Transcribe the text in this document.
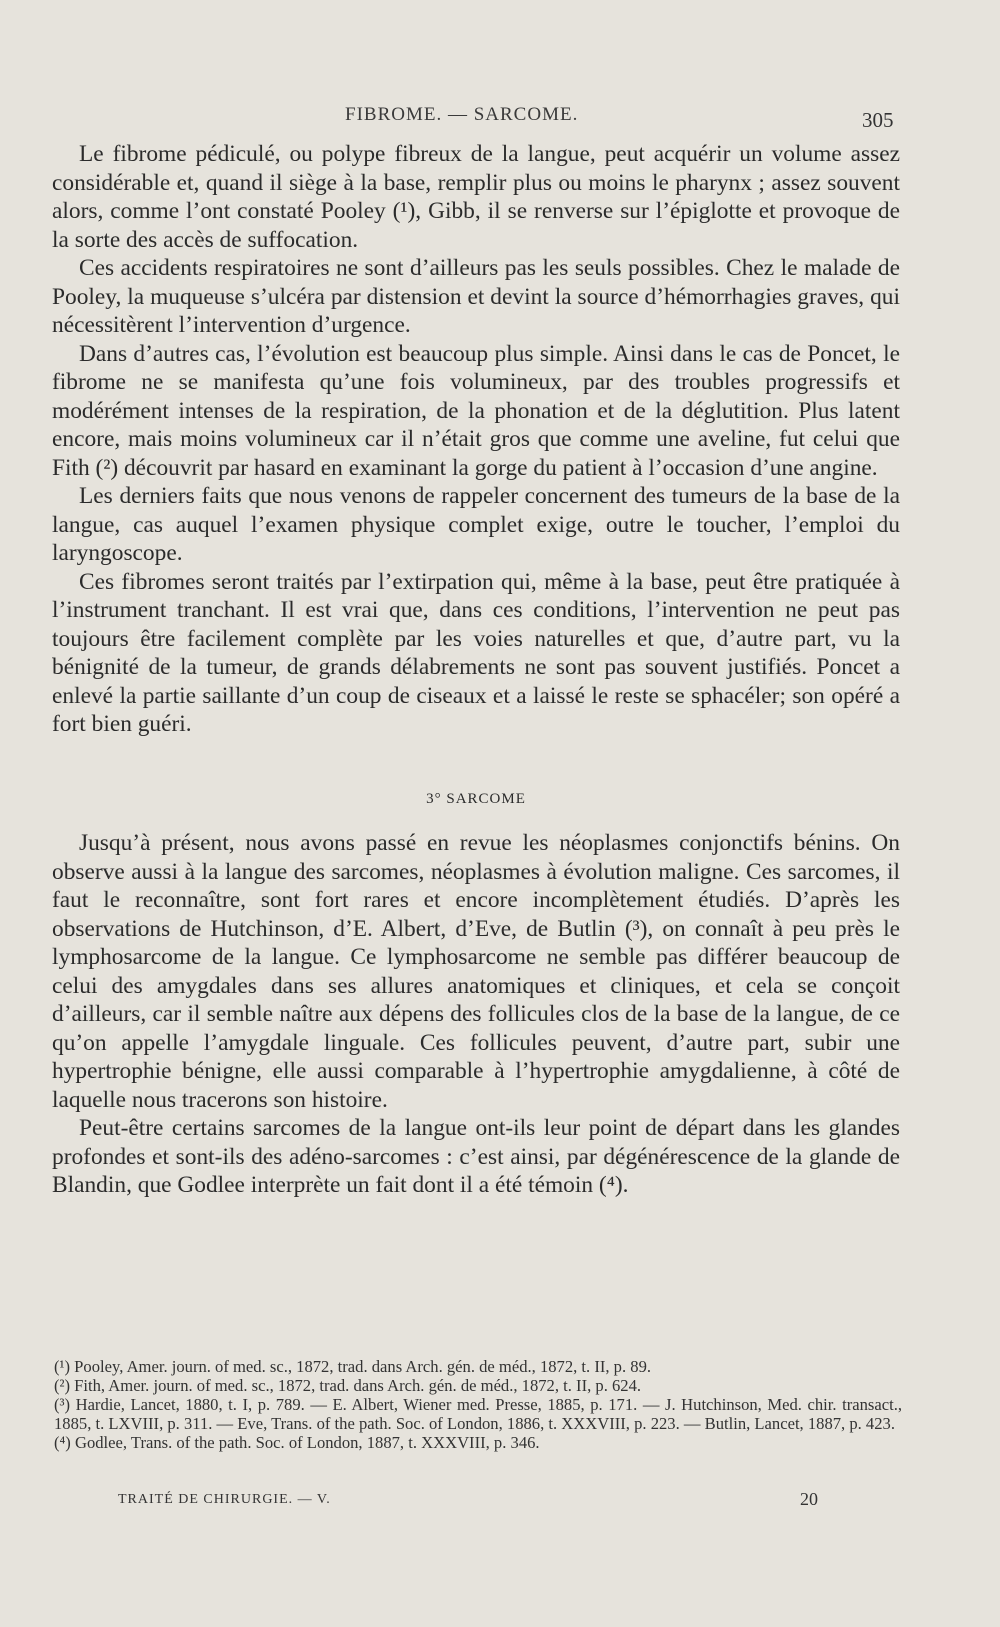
FIBROME. — SARCOME.	305

Le fibrome pédiculé, ou polype fibreux de la langue, peut acquérir un volume assez considérable et, quand il siège à la base, remplir plus ou moins le pharynx ; assez souvent alors, comme l’ont constaté Pooley (¹), Gibb, il se renverse sur l’épiglotte et provoque de la sorte des accès de suffocation.

Ces accidents respiratoires ne sont d’ailleurs pas les seuls possibles. Chez le malade de Pooley, la muqueuse s’ulcéra par distension et devint la source d’hémorrhagies graves, qui nécessitèrent l’intervention d’urgence.

Dans d’autres cas, l’évolution est beaucoup plus simple. Ainsi dans le cas de Poncet, le fibrome ne se manifesta qu’une fois volumineux, par des troubles progressifs et modérément intenses de la respiration, de la phonation et de la déglutition. Plus latent encore, mais moins volumineux car il n’était gros que comme une aveline, fut celui que Fith (²) découvrit par hasard en examinant la gorge du patient à l’occasion d’une angine.

Les derniers faits que nous venons de rappeler concernent des tumeurs de la base de la langue, cas auquel l’examen physique complet exige, outre le toucher, l’emploi du laryngoscope.

Ces fibromes seront traités par l’extirpation qui, même à la base, peut être pratiquée à l’instrument tranchant. Il est vrai que, dans ces conditions, l’intervention ne peut pas toujours être facilement complète par les voies naturelles et que, d’autre part, vu la bénignité de la tumeur, de grands délabrements ne sont pas souvent justifiés. Poncet a enlevé la partie saillante d’un coup de ciseaux et a laissé le reste se sphacéler; son opéré a fort bien guéri.

3° SARCOME

Jusqu’à présent, nous avons passé en revue les néoplasmes conjonctifs bénins. On observe aussi à la langue des sarcomes, néoplasmes à évolution maligne. Ces sarcomes, il faut le reconnaître, sont fort rares et encore incomplètement étudiés. D’après les observations de Hutchinson, d’E. Albert, d’Eve, de Butlin (³), on connaît à peu près le lymphosarcome de la langue. Ce lymphosarcome ne semble pas différer beaucoup de celui des amygdales dans ses allures anatomiques et cliniques, et cela se conçoit d’ailleurs, car il semble naître aux dépens des follicules clos de la base de la langue, de ce qu’on appelle l’amygdale linguale. Ces follicules peuvent, d’autre part, subir une hypertrophie bénigne, elle aussi comparable à l’hypertrophie amygdalienne, à côté de laquelle nous tracerons son histoire.

Peut-être certains sarcomes de la langue ont-ils leur point de départ dans les glandes profondes et sont-ils des adéno-sarcomes : c’est ainsi, par dégénérescence de la glande de Blandin, que Godlee interprète un fait dont il a été témoin (⁴).

(¹) Pooley, Amer. journ. of med. sc., 1872, trad. dans Arch. gén. de méd., 1872, t. II, p. 89.

(²) Fith, Amer. journ. of med. sc., 1872, trad. dans Arch. gén. de méd., 1872, t. II, p. 624.

(³) Hardie, Lancet, 1880, t. I, p. 789. — E. Albert, Wiener med. Presse, 1885, p. 171. — J. Hutchinson, Med. chir. transact., 1885, t. LXVIII, p. 311. — Eve, Trans. of the path. Soc. of London, 1886, t. XXXVIII, p. 223. — Butlin, Lancet, 1887, p. 423.

(⁴) Godlee, Trans. of the path. Soc. of London, 1887, t. XXXVIII, p. 346.

TRAITÉ DE CHIRURGIE. — V.	20
